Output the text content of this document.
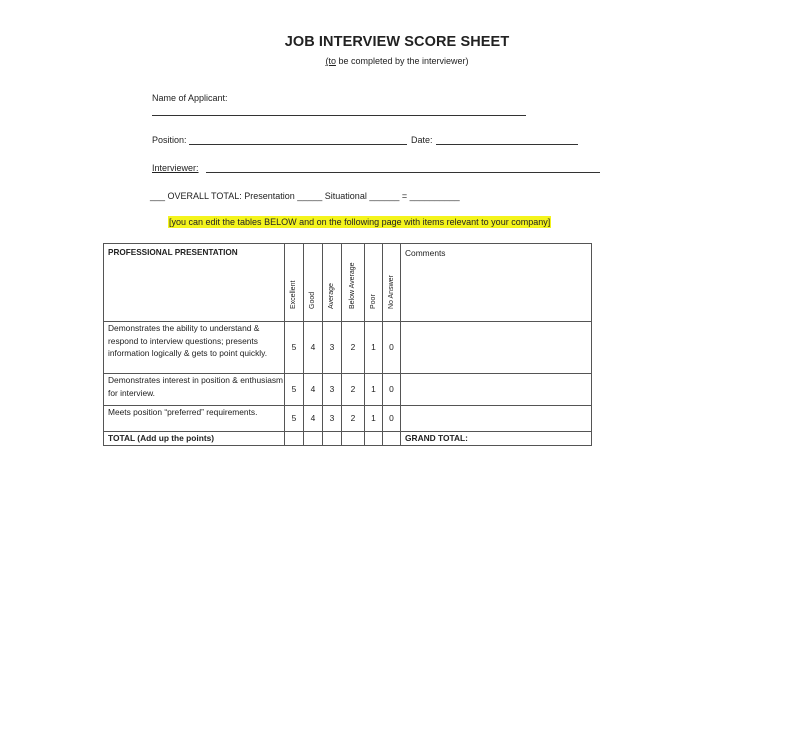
JOB INTERVIEW SCORE SHEET
(to be completed by the interviewer)
Name of Applicant:
Position:	Date:
Interviewer:
___ OVERALL TOTAL: Presentation _____ Situational ______ = __________
[you can edit the tables BELOW and on the following page with items relevant to your company]
PROFESSIONAL PRESENTATION	Excellent	Good	Average	Below Average	Poor	No Answer	Comments
Demonstrates the ability to understand & respond to interview questions; presents information logically & gets to point quickly.	5	4	3	2	1	0	
Demonstrates interest in position & enthusiasm for interview.	5	4	3	2	1	0	
Meets position “preferred” requirements.	5	4	3	2	1	0	
TOTAL (Add up the points)							GRAND TOTAL:
